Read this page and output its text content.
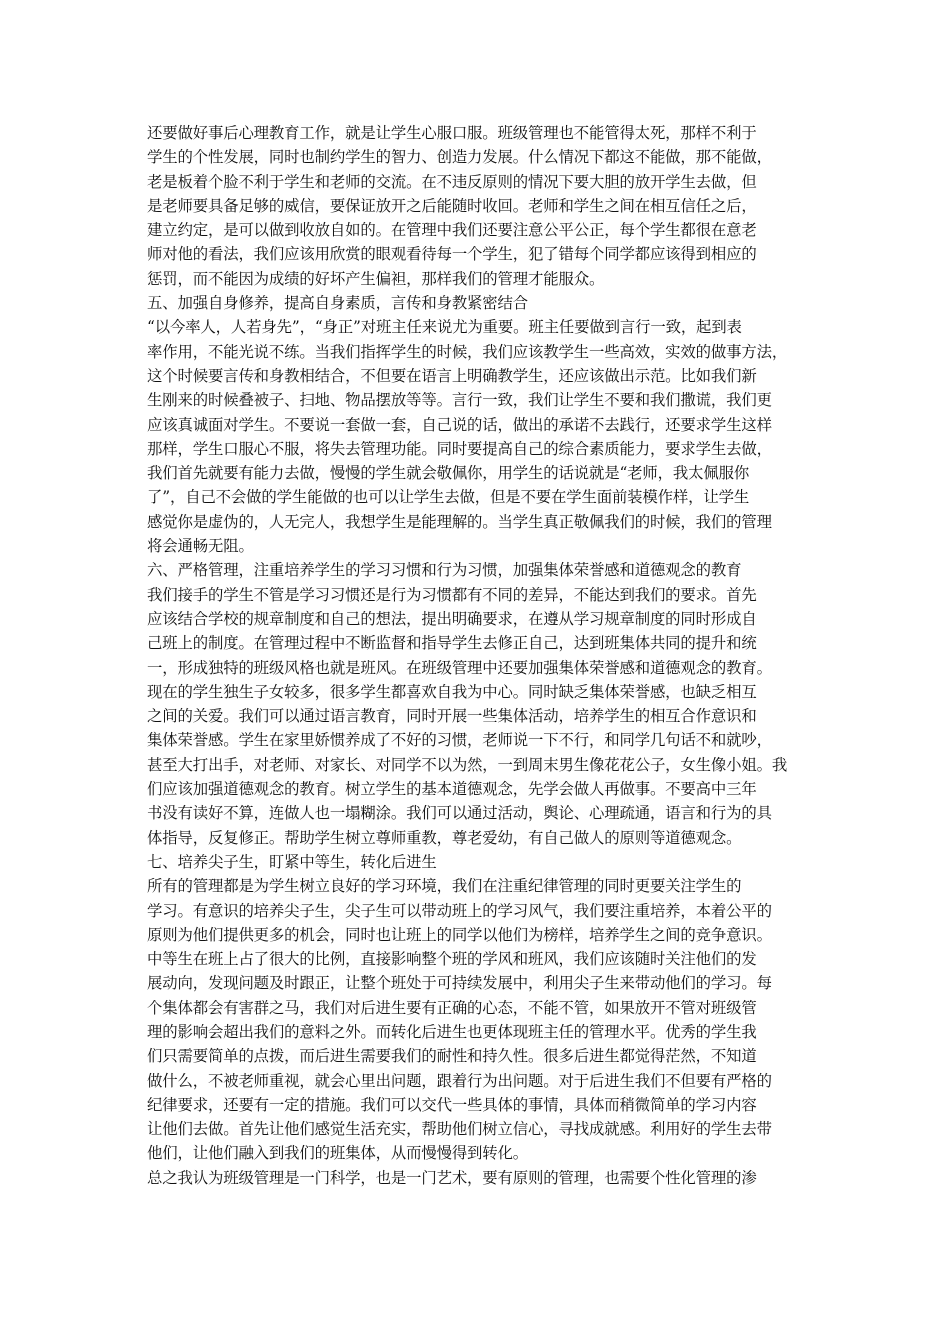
还要做好事后心理教育工作，就是让学生心服口服。班级管理也不能管得太死，那样不利于
学生的个性发展，同时也制约学生的智力、创造力发展。什么情况下都这不能做，那不能做，
老是板着个脸不利于学生和老师的交流。在不违反原则的情况下要大胆的放开学生去做，但
是老师要具备足够的威信，要保证放开之后能随时收回。老师和学生之间在相互信任之后，
建立约定，是可以做到收放自如的。在管理中我们还要注意公平公正，每个学生都很在意老
师对他的看法，我们应该用欣赏的眼观看待每一个学生，犯了错每个同学都应该得到相应的
惩罚，而不能因为成绩的好坏产生偏袒，那样我们的管理才能服众。
五、加强自身修养，提高自身素质，言传和身教紧密结合
“以今率人，人若身先”，“身正”对班主任来说尤为重要。班主任要做到言行一致，起到表
率作用，不能光说不练。当我们指挥学生的时候，我们应该教学生一些高效，实效的做事方法，
这个时候要言传和身教相结合，不但要在语言上明确教学生，还应该做出示范。比如我们新
生刚来的时候叠被子、扫地、物品摆放等等。言行一致，我们让学生不要和我们撒谎，我们更
应该真诚面对学生。不要说一套做一套，自己说的话，做出的承诺不去践行，还要求学生这样
那样，学生口服心不服，将失去管理功能。同时要提高自己的综合素质能力，要求学生去做，
我们首先就要有能力去做，慢慢的学生就会敬佩你，用学生的话说就是“老师，我太佩服你
了”，自己不会做的学生能做的也可以让学生去做，但是不要在学生面前装模作样，让学生
感觉你是虚伪的，人无完人，我想学生是能理解的。当学生真正敬佩我们的时候，我们的管理
将会通畅无阻。
六、严格管理，注重培养学生的学习习惯和行为习惯，加强集体荣誉感和道德观念的教育
我们接手的学生不管是学习习惯还是行为习惯都有不同的差异，不能达到我们的要求。首先
应该结合学校的规章制度和自己的想法，提出明确要求，在遵从学习规章制度的同时形成自
己班上的制度。在管理过程中不断监督和指导学生去修正自己，达到班集体共同的提升和统
一，形成独特的班级风格也就是班风。在班级管理中还要加强集体荣誉感和道德观念的教育。
现在的学生独生子女较多，很多学生都喜欢自我为中心。同时缺乏集体荣誉感，也缺乏相互
之间的关爱。我们可以通过语言教育，同时开展一些集体活动，培养学生的相互合作意识和
集体荣誉感。学生在家里娇惯养成了不好的习惯，老师说一下不行，和同学几句话不和就吵，
甚至大打出手，对老师、对家长、对同学不以为然，一到周末男生像花花公子，女生像小姐。我
们应该加强道德观念的教育。树立学生的基本道德观念，先学会做人再做事。不要高中三年
书没有读好不算，连做人也一塌糊涂。我们可以通过活动，舆论、心理疏通，语言和行为的具
体指导，反复修正。帮助学生树立尊师重教，尊老爱幼，有自己做人的原则等道德观念。
七、培养尖子生，盯紧中等生，转化后进生
所有的管理都是为学生树立良好的学习环境，我们在注重纪律管理的同时更要关注学生的
学习。有意识的培养尖子生，尖子生可以带动班上的学习风气，我们要注重培养，本着公平的
原则为他们提供更多的机会，同时也让班上的同学以他们为榜样，培养学生之间的竞争意识。
中等生在班上占了很大的比例，直接影响整个班的学风和班风，我们应该随时关注他们的发
展动向，发现问题及时跟正，让整个班处于可持续发展中，利用尖子生来带动他们的学习。每
个集体都会有害群之马，我们对后进生要有正确的心态，不能不管，如果放开不管对班级管
理的影响会超出我们的意料之外。而转化后进生也更体现班主任的管理水平。优秀的学生我
们只需要简单的点拨，而后进生需要我们的耐性和持久性。很多后进生都觉得茫然，不知道
做什么，不被老师重视，就会心里出问题，跟着行为出问题。对于后进生我们不但要有严格的
纪律要求，还要有一定的措施。我们可以交代一些具体的事情，具体而稍微简单的学习内容
让他们去做。首先让他们感觉生活充实，帮助他们树立信心，寻找成就感。利用好的学生去带
他们，让他们融入到我们的班集体，从而慢慢得到转化。
总之我认为班级管理是一门科学，也是一门艺术，要有原则的管理，也需要个性化管理的渗
